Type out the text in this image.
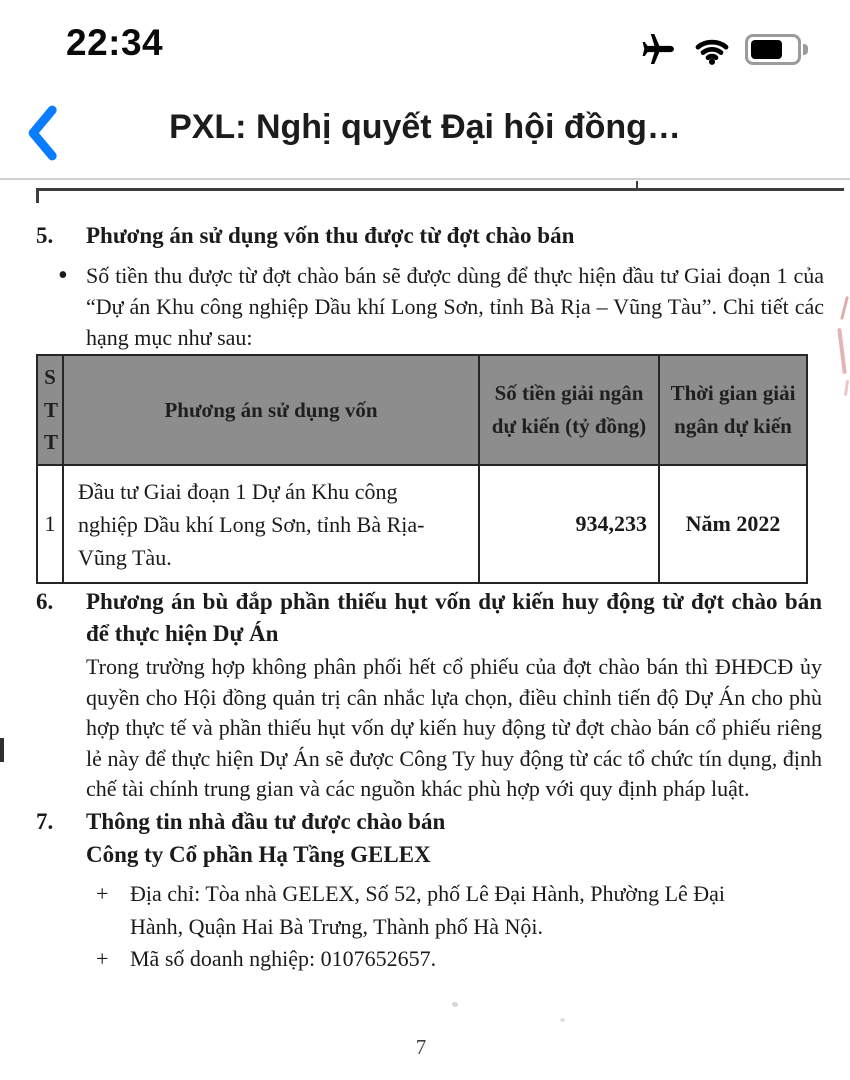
22:34
PXL: Nghị quyết Đại hội đồng…
5.	Phương án sử dụng vốn thu được từ đợt chào bán
• Số tiền thu được từ đợt chào bán sẽ được dùng để thực hiện đầu tư Giai đoạn 1 của “Dự án Khu công nghiệp Dầu khí Long Sơn, tỉnh Bà Rịa – Vũng Tàu”. Chi tiết các hạng mục như sau:
STT	Phương án sử dụng vốn	Số tiền giải ngân dự kiến (tỷ đồng)	Thời gian giải ngân dự kiến
1	Đầu tư Giai đoạn 1 Dự án Khu công nghiệp Dầu khí Long Sơn, tỉnh Bà Rịa-Vũng Tàu.	934,233	Năm 2022
6.	Phương án bù đắp phần thiếu hụt vốn dự kiến huy động từ đợt chào bán để thực hiện Dự Án
Trong trường hợp không phân phối hết cổ phiếu của đợt chào bán thì ĐHĐCĐ ủy quyền cho Hội đồng quản trị cân nhắc lựa chọn, điều chỉnh tiến độ Dự Án cho phù hợp thực tế và phần thiếu hụt vốn dự kiến huy động từ đợt chào bán cổ phiếu riêng lẻ này để thực hiện Dự Án sẽ được Công Ty huy động từ các tổ chức tín dụng, định chế tài chính trung gian và các nguồn khác phù hợp với quy định pháp luật.
7.	Thông tin nhà đầu tư được chào bán
Công ty Cổ phần Hạ Tầng GELEX
+ Địa chỉ: Tòa nhà GELEX, Số 52, phố Lê Đại Hành, Phường Lê Đại Hành, Quận Hai Bà Trưng, Thành phố Hà Nội.
+ Mã số doanh nghiệp: 0107652657.
7
